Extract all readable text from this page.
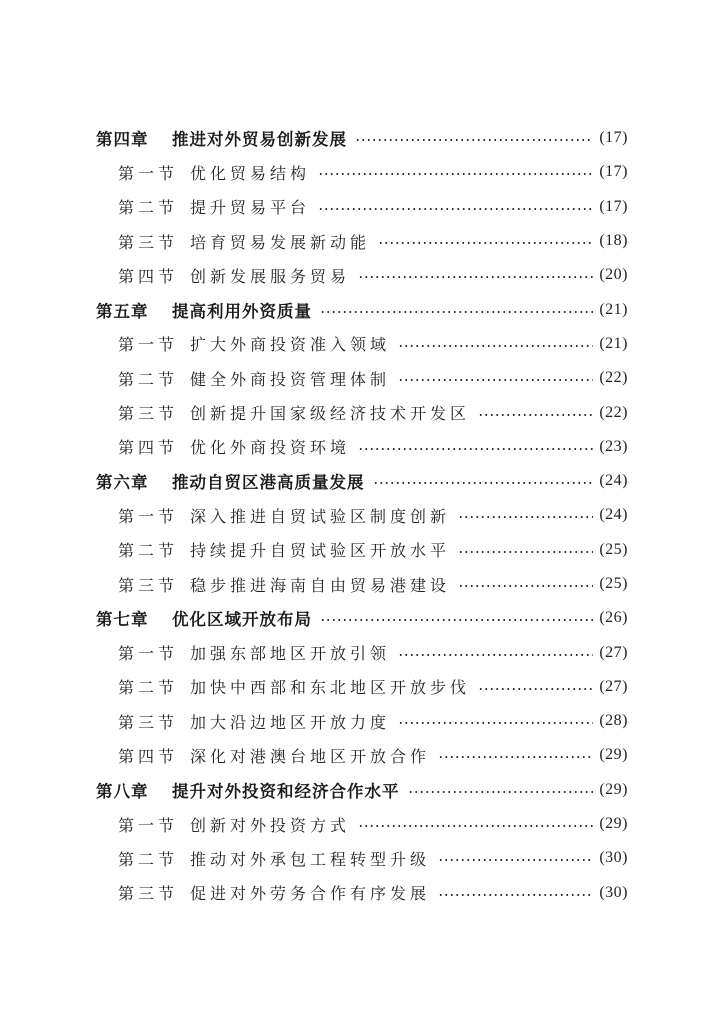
第四章 推进对外贸易创新发展	(17)
第一节 优化贸易结构	(17)
第二节 提升贸易平台	(17)
第三节 培育贸易发展新动能	(18)
第四节 创新发展服务贸易	(20)
第五章 提高利用外资质量	(21)
第一节 扩大外商投资准入领域	(21)
第二节 健全外商投资管理体制	(22)
第三节 创新提升国家级经济技术开发区	(22)
第四节 优化外商投资环境	(23)
第六章 推动自贸区港高质量发展	(24)
第一节 深入推进自贸试验区制度创新	(24)
第二节 持续提升自贸试验区开放水平	(25)
第三节 稳步推进海南自由贸易港建设	(25)
第七章 优化区域开放布局	(26)
第一节 加强东部地区开放引领	(27)
第二节 加快中西部和东北地区开放步伐	(27)
第三节 加大沿边地区开放力度	(28)
第四节 深化对港澳台地区开放合作	(29)
第八章 提升对外投资和经济合作水平	(29)
第一节 创新对外投资方式	(29)
第二节 推动对外承包工程转型升级	(30)
第三节 促进对外劳务合作有序发展	(30)
